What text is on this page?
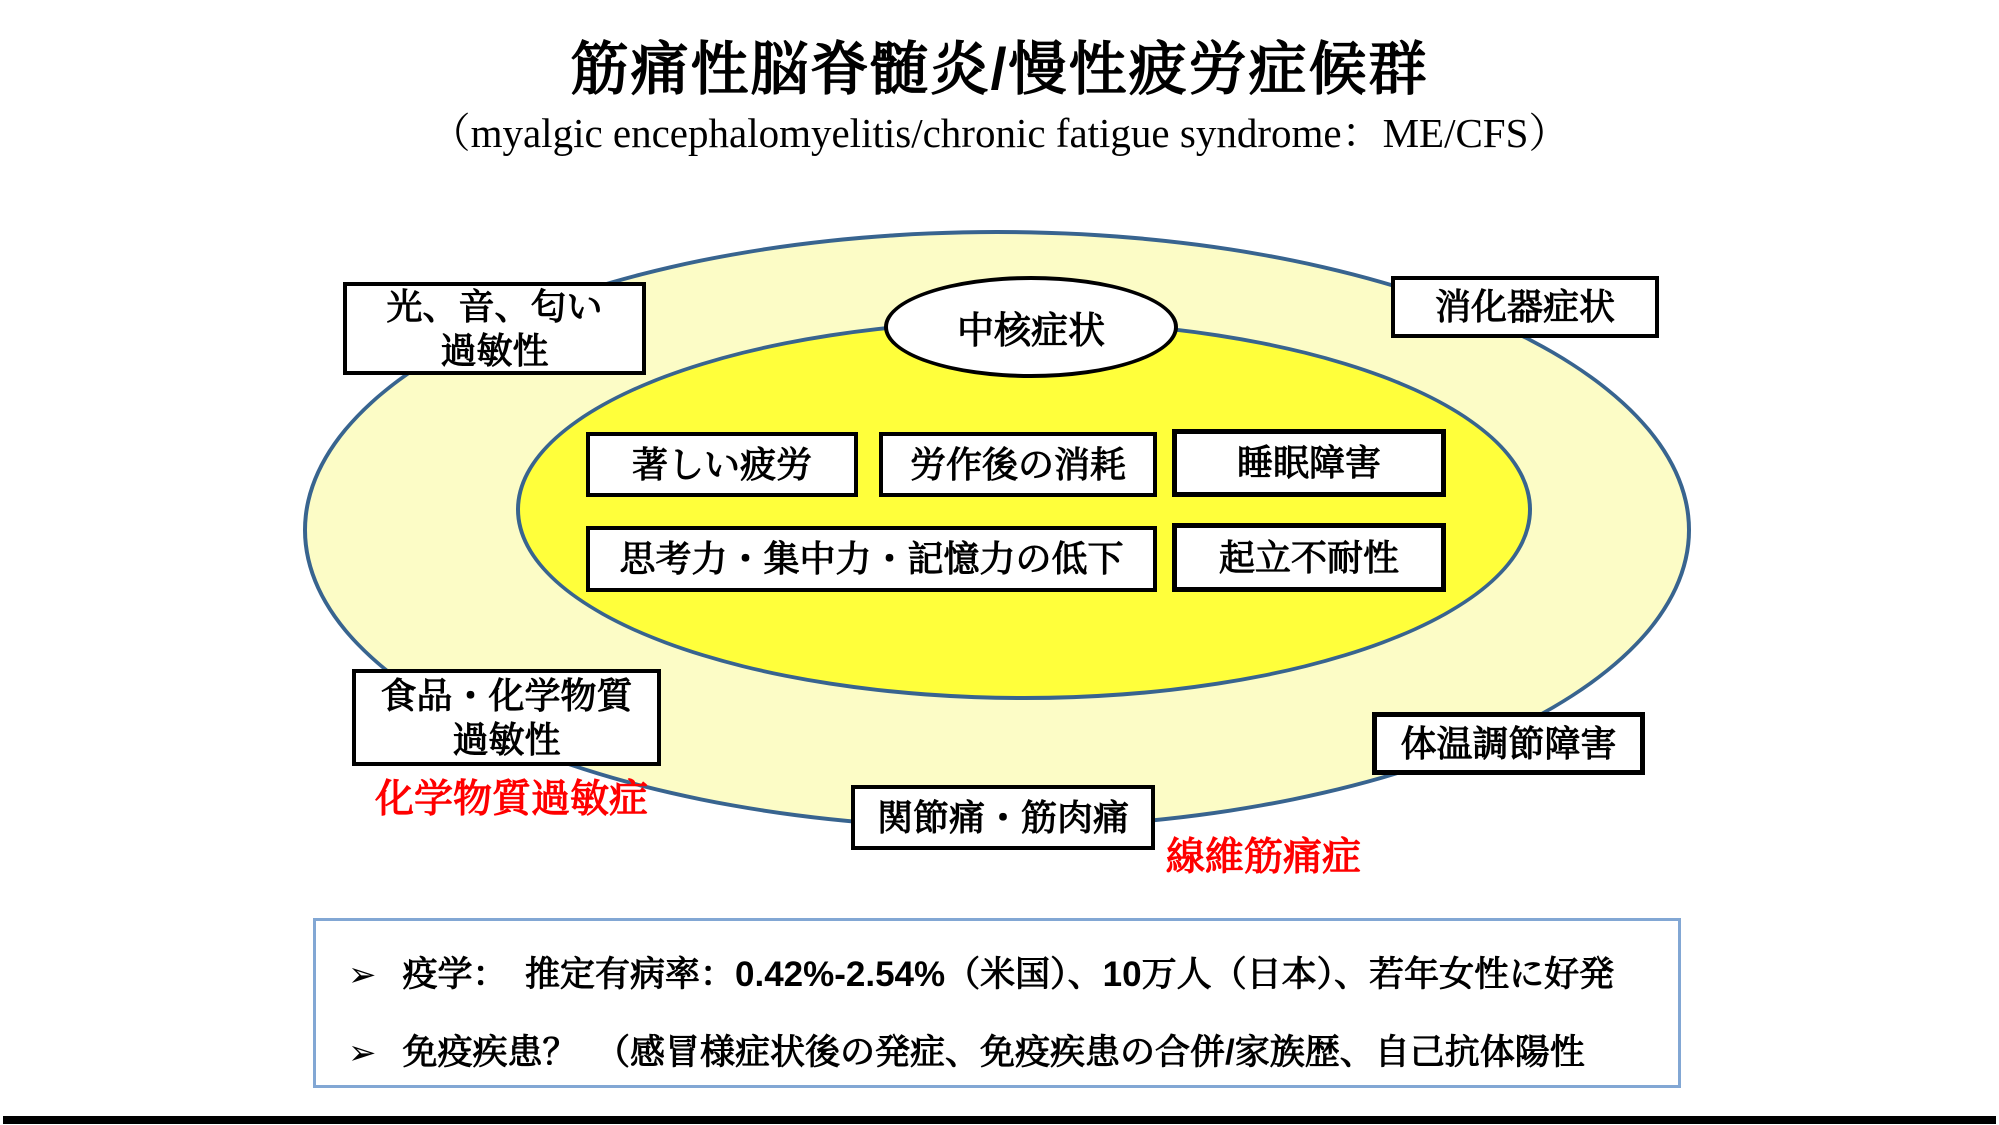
筋痛性脳脊髄炎/慢性疲労症候群
（myalgic encephalomyelitis/chronic fatigue syndrome：ME/CFS）
中核症状
光、音、匂い
過敏性
消化器症状
食品・化学物質
過敏性	体温調節障害
関節痛・筋肉痛
著しい疲労	労作後の消耗	睡眠障害
思考力・集中力・記憶力の低下	起立不耐性
化学物質過敏症
線維筋痛症
➢ 疫学：　推定有病率：0.42%-2.54%（米国）、10万人（日本）、若年女性に好発
➢ 免疫疾患？　（感冒様症状後の発症、免疫疾患の合併/家族歴、自己抗体陽性
